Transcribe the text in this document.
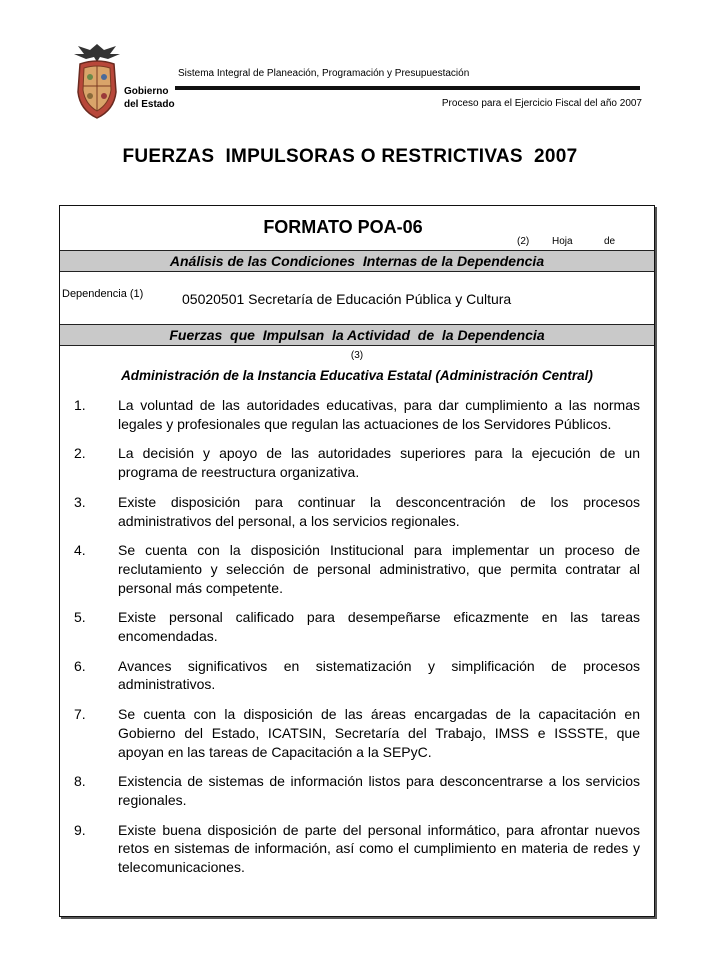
Gobierno
del Estado
Sistema Integral de Planeación, Programación y Presupuestación
Proceso para el Ejercicio Fiscal del año 2007
FUERZAS  IMPULSORAS O RESTRICTIVAS  2007
FORMATO POA-06
(2) Hoja	de
Análisis de las Condiciones  Internas de la Dependencia
Dependencia (1)	05020501 Secretaría de Educación Pública y Cultura
Fuerzas  que  Impulsan  la Actividad  de  la Dependencia
(3)
Administración de la Instancia Educativa Estatal (Administración Central)
1. La voluntad de las autoridades educativas, para dar cumplimiento a las normas legales y profesionales que regulan las actuaciones de los Servidores Públicos.
2. La decisión y apoyo de las autoridades superiores para la ejecución de un programa de reestructura organizativa.
3. Existe disposición para continuar la desconcentración de los procesos administrativos del personal, a los servicios regionales.
4. Se cuenta con la disposición Institucional para implementar un proceso de reclutamiento y selección de personal administrativo, que permita contratar al personal más competente.
5. Existe personal calificado para desempeñarse eficazmente en las tareas encomendadas.
6. Avances significativos en sistematización y simplificación de procesos administrativos.
7. Se cuenta con la disposición de las áreas encargadas de la capacitación en Gobierno del Estado, ICATSIN, Secretaría del Trabajo, IMSS e ISSSTE, que apoyan en las tareas de Capacitación a la SEPyC.
8. Existencia de sistemas de información listos para desconcentrarse a los servicios regionales.
9. Existe buena disposición de parte del personal informático, para afrontar nuevos retos en sistemas de información, así como el cumplimiento en materia de redes y telecomunicaciones.
